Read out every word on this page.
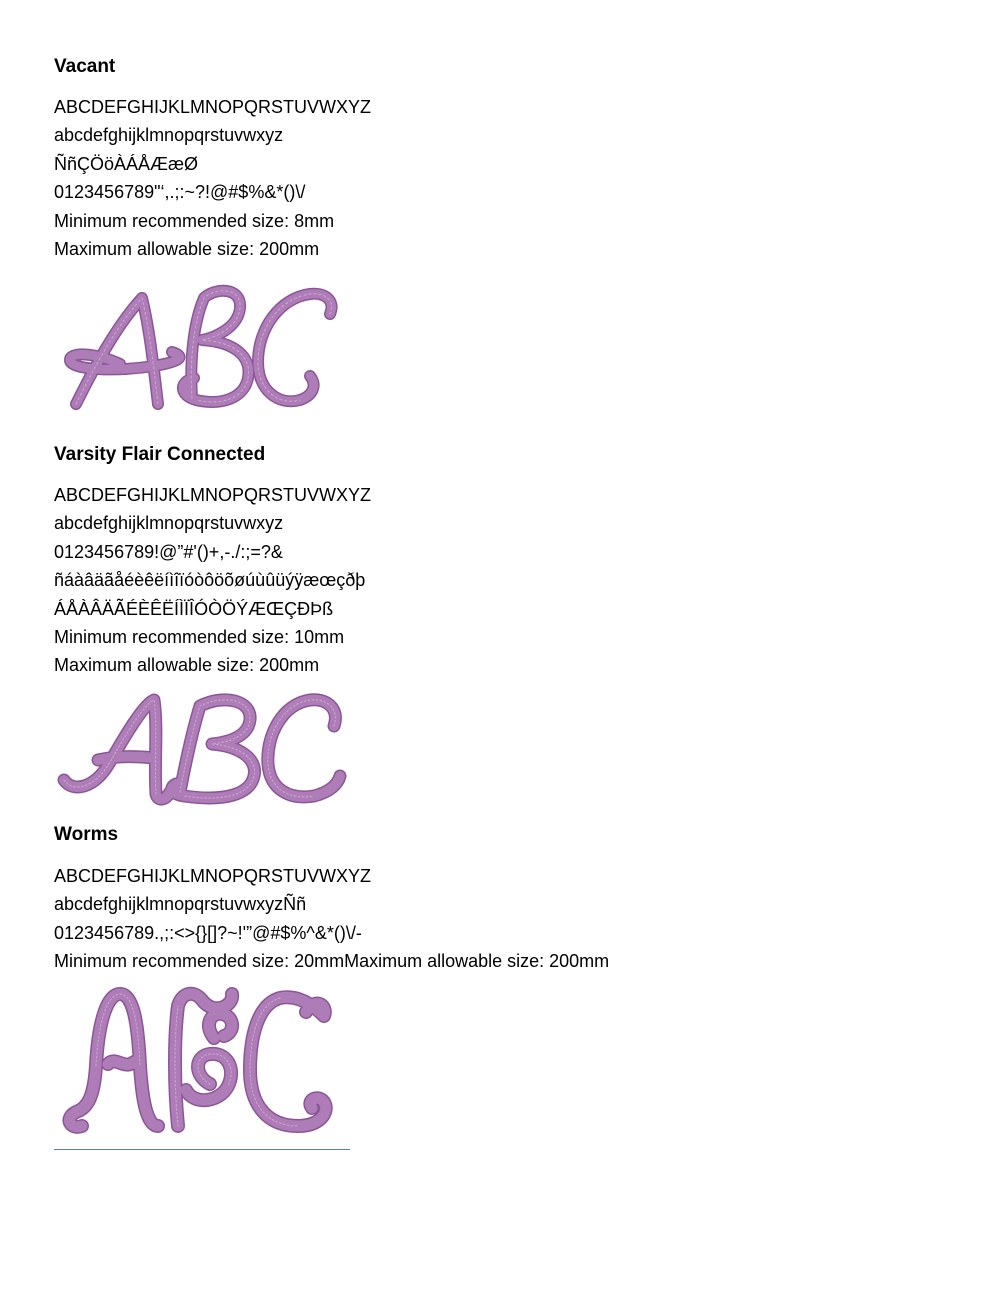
Vacant
ABCDEFGHIJKLMNOPQRSTUVWXYZ
abcdefghijklmnopqrstuvwxyz
ÑñÇÖöÀÁÅÆæØ
0123456789"‘,.;:~?!@#$%&*()\/
Minimum recommended size: 8mm
Maximum allowable size: 200mm
Varsity Flair Connected
ABCDEFGHIJKLMNOPQRSTUVWXYZ
abcdefghijklmnopqrstuvwxyz
0123456789!@”#'()+,-./:;=?&
ñáàâäãåéèêëíìîïóòôöõøúùûüýÿæœçðþ
ÁÅÀÂÄÃÉÈÊËÍÌÏÎÓÒÖÝÆŒÇÐÞß
Minimum recommended size: 10mm
Maximum allowable size: 200mm
Worms
ABCDEFGHIJKLMNOPQRSTUVWXYZ
abcdefghijklmnopqrstuvwxyzÑñ
0123456789.,;:<>{}[]?~!'”@#$%^&*()\/-
Minimum recommended size: 20mmMaximum allowable size: 200mm
